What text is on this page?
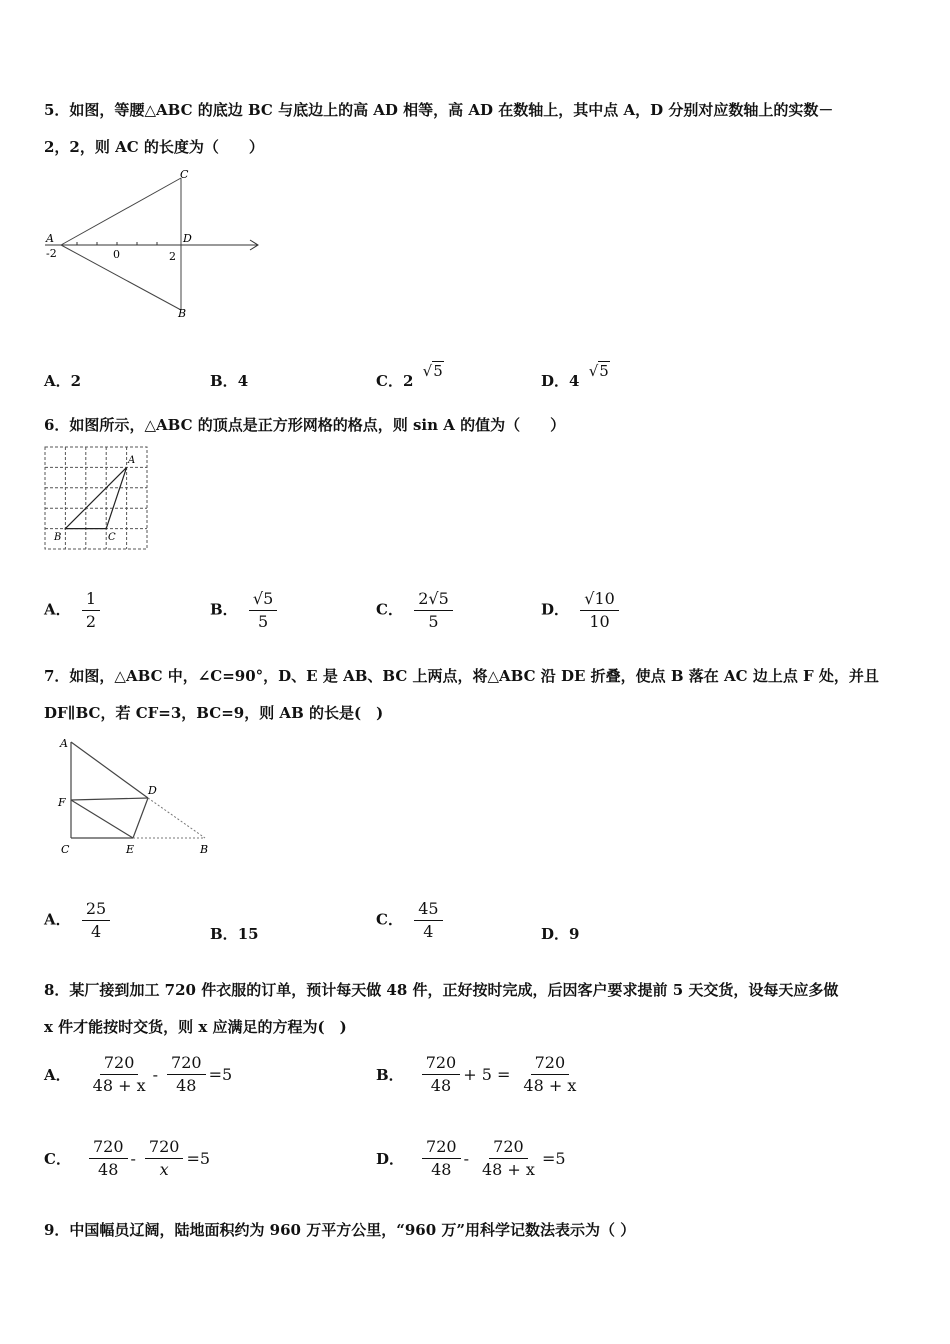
5．如图，等腰△ABC 的底边 BC 与底边上的高 AD 相等，高 AD 在数轴上，其中点 A，D 分别对应数轴上的实数－
2，2，则 AC 的长度为（　　）
A
C
D
B
-2	0	2
A．2	B．4	C．2 √5
D．4 √5
6．如图所示，△ABC 的顶点是正方形网格的格点，则 sin A 的值为（　　）
A
B	C
A． $\frac{1}{2}$	B． $\frac{√5}{5}$	C． $\frac{2√5}{5}$	D． $\frac{√10}{10}$
7．如图，△ABC 中，∠C=90°，D、E 是 AB、BC 上两点，将△ABC 沿 DE 折叠，使点 B 落在 AC 边上点 F 处，并且
DF∥BC，若 CF=3，BC=9，则 AB 的长是(　)
A
F
D
C	E	B
A． $\frac{25}{4}$	B．15
C． $\frac{45}{4}$	D．9
8．某厂接到加工 720 件衣服的订单，预计每天做 48 件，正好按时完成，后因客户要求提前 5 天交货，设每天应多做
x 件才能按时交货，则 x 应满足的方程为(　)
A． $\frac{720}{48 + x} - \frac{720}{48} =5$	B． $\frac{720}{48} + 5 = \frac{720}{48 + x}$
C． $\frac{720}{48} - \frac{720}{x} =5$	D． $\frac{720}{48} - \frac{720}{48 + x} =5$
9．中国幅员辽阔，陆地面积约为 960 万平方公里，“960 万”用科学记数法表示为（ ）
